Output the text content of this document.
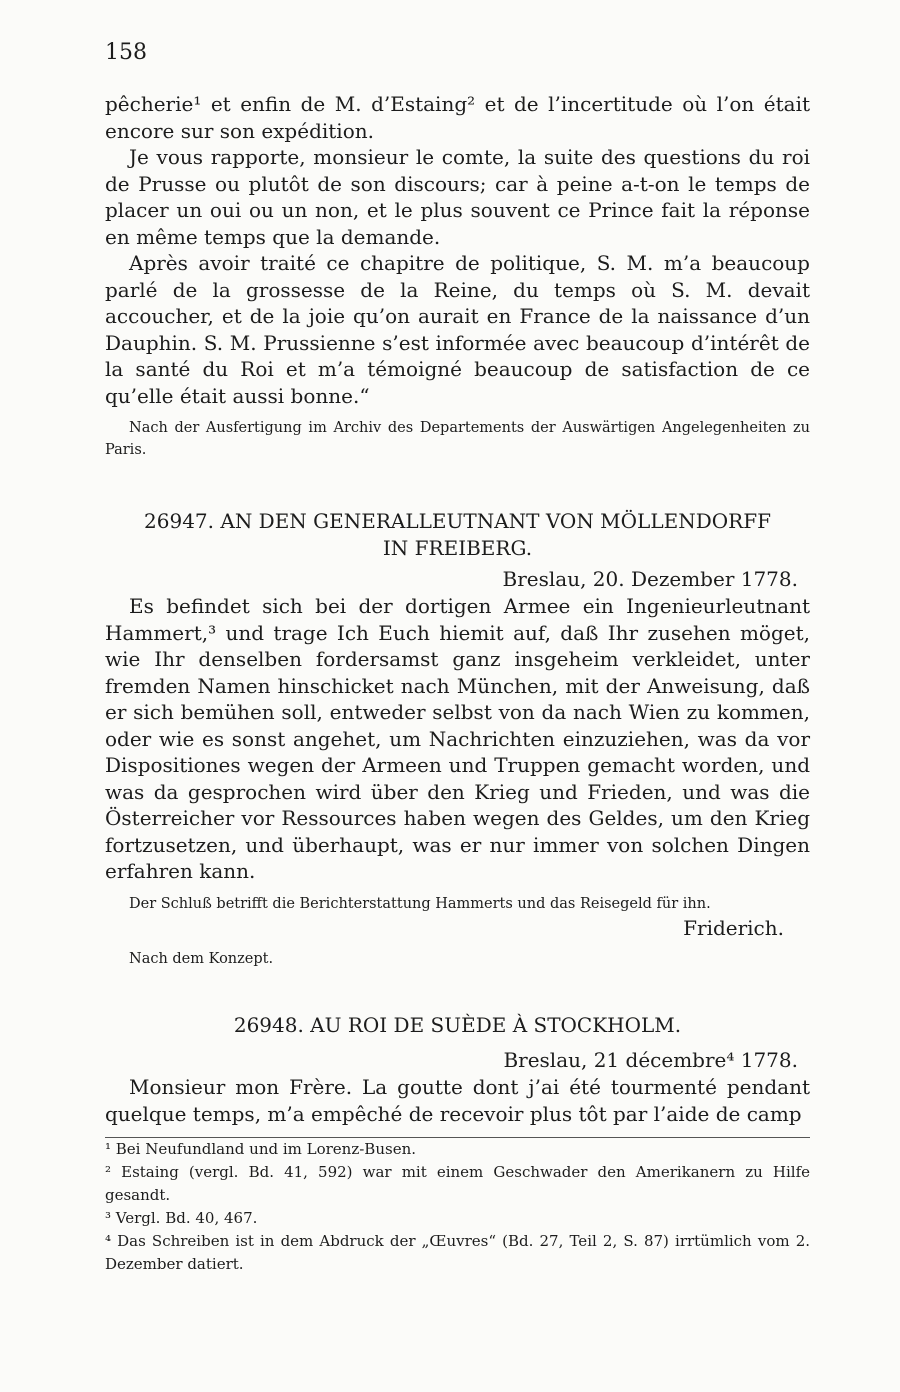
158

pêcherie¹ et enfin de M. d’Estaing² et de l’incertitude où l’on était encore sur son expédition.

Je vous rapporte, monsieur le comte, la suite des questions du roi de Prusse ou plutôt de son discours; car à peine a-t-on le temps de placer un oui ou un non, et le plus souvent ce Prince fait la réponse en même temps que la demande.

Après avoir traité ce chapitre de politique, S. M. m’a beaucoup parlé de la grossesse de la Reine, du temps où S. M. devait accoucher, et de la joie qu’on aurait en France de la naissance d’un Dauphin. S. M. Prussienne s’est informée avec beaucoup d’intérêt de la santé du Roi et m’a témoigné beaucoup de satisfaction de ce qu’elle était aussi bonne.“

Nach der Ausfertigung im Archiv des Departements der Auswärtigen Angelegenheiten zu Paris.
26947. AN DEN GENERALLEUTNANT VON MÖLLENDORFF
IN FREIBERG.
Breslau, 20. Dezember 1778.

Es befindet sich bei der dortigen Armee ein Ingenieurleutnant Hammert,³ und trage Ich Euch hiemit auf, daß Ihr zusehen möget, wie Ihr denselben fordersamst ganz insgeheim verkleidet, unter fremden Namen hinschicket nach München, mit der Anweisung, daß er sich bemühen soll, entweder selbst von da nach Wien zu kommen, oder wie es sonst angehet, um Nachrichten einzuziehen, was da vor Dispositiones wegen der Armeen und Truppen gemacht worden, und was da gesprochen wird über den Krieg und Frieden, und was die Österreicher vor Ressources haben wegen des Geldes, um den Krieg fortzusetzen, und überhaupt, was er nur immer von solchen Dingen erfahren kann.

Der Schluß betrifft die Berichterstattung Hammerts und das Reisegeld für ihn.
Friderich.
Nach dem Konzept.
26948. AU ROI DE SUÈDE À STOCKHOLM.
Breslau, 21 décembre⁴ 1778.

Monsieur mon Frère. La goutte dont j’ai été tourmenté pendant quelque temps, m’a empêché de recevoir plus tôt par l’aide de camp

¹ Bei Neufundland und im Lorenz-Busen.
² Estaing (vergl. Bd. 41, 592) war mit einem Geschwader den Amerikanern zu Hilfe gesandt.
³ Vergl. Bd. 40, 467.
⁴ Das Schreiben ist in dem Abdruck der „Œuvres“ (Bd. 27, Teil 2, S. 87) irrtümlich vom 2. Dezember datiert.
